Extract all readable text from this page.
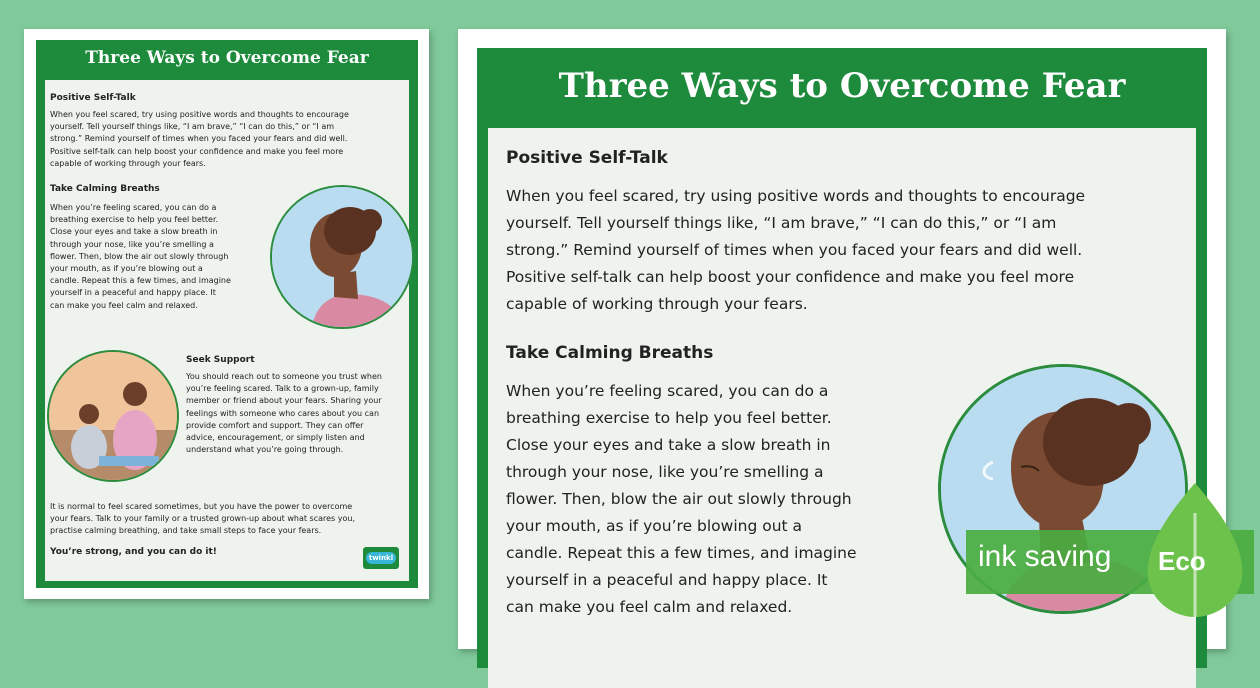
Three Ways to Overcome Fear
Positive Self-Talk
When you feel scared, try using positive words and thoughts to encourage
yourself. Tell yourself things like, “I am brave,” “I can do this,” or “I am
strong.” Remind yourself of times when you faced your fears and did well.
Positive self-talk can help boost your confidence and make you feel more
capable of working through your fears.
Take Calming Breaths
When you’re feeling scared, you can do a
breathing exercise to help you feel better.
Close your eyes and take a slow breath in
through your nose, like you’re smelling a
flower. Then, blow the air out slowly through
your mouth, as if you’re blowing out a
candle. Repeat this a few times, and imagine
yourself in a peaceful and happy place. It
can make you feel calm and relaxed.
Seek Support
You should reach out to someone you trust when
you’re feeling scared. Talk to a grown-up, family
member or friend about your fears. Sharing your
feelings with someone who cares about you can
provide comfort and support. They can offer
advice, encouragement, or simply listen and
understand what you’re going through.
It is normal to feel scared sometimes, but you have the power to overcome
your fears. Talk to your family or a trusted grown-up about what scares you,
practise calming breathing, and take small steps to face your fears.
You’re strong, and you can do it!
twinkl
Three Ways to Overcome Fear
Positive Self-Talk
When you feel scared, try using positive words and thoughts to encourage
yourself. Tell yourself things like, “I am brave,” “I can do this,” or “I am
strong.” Remind yourself of times when you faced your fears and did well.
Positive self-talk can help boost your confidence and make you feel more
capable of working through your fears.
Take Calming Breaths
When you’re feeling scared, you can do a
breathing exercise to help you feel better.
Close your eyes and take a slow breath in
through your nose, like you’re smelling a
flower. Then, blow the air out slowly through
your mouth, as if you’re blowing out a
candle. Repeat this a few times, and imagine
yourself in a peaceful and happy place. It
can make you feel calm and relaxed.
ink saving Eco
